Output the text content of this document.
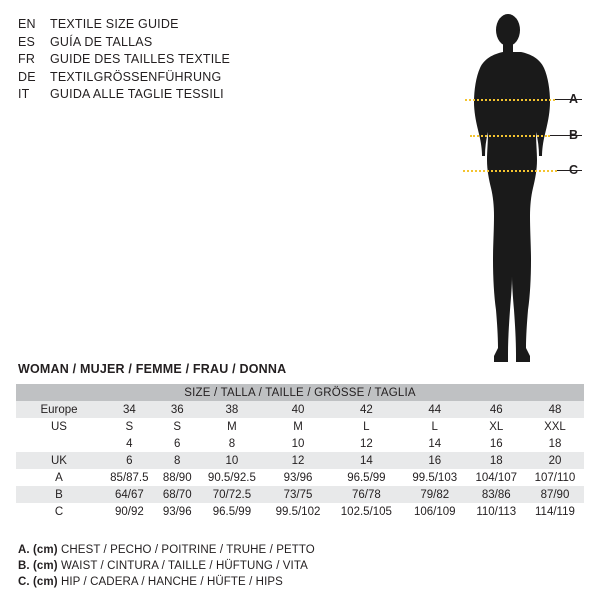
EN	TEXTILE SIZE GUIDE
ES	GUÍA DE TALLAS
FR	GUIDE DES TAILLES TEXTILE
DE	TEXTILGRÖSSENFÜHRUNG
IT	GUIDA ALLE TAGLIE TESSILI	A
B
C
WOMAN / MUJER / FEMME / FRAU / DONNA
SIZE / TALLA / TAILLE / GRÖSSE / TAGLIA								
Europe	34	36	38	40	42	44	46	48
US	S	S	M	M	L	L	XL	XXL
	4	6	8	10	12	14	16	18
UK	6	8	10	12	14	16	18	20
A	85/87.5	88/90	90.5/92.5	93/96	96.5/99	99.5/103	104/107	107/110
B	64/67	68/70	70/72.5	73/75	76/78	79/82	83/86	87/90
C	90/92	93/96	96.5/99	99.5/102	102.5/105	106/109	110/113	114/119
A. (cm) CHEST / PECHO / POITRINE / TRUHE / PETTO
B. (cm) WAIST / CINTURA / TAILLE / HÜFTUNG / VITA
C. (cm) HIP / CADERA / HANCHE / HÜFTE / HIPS
